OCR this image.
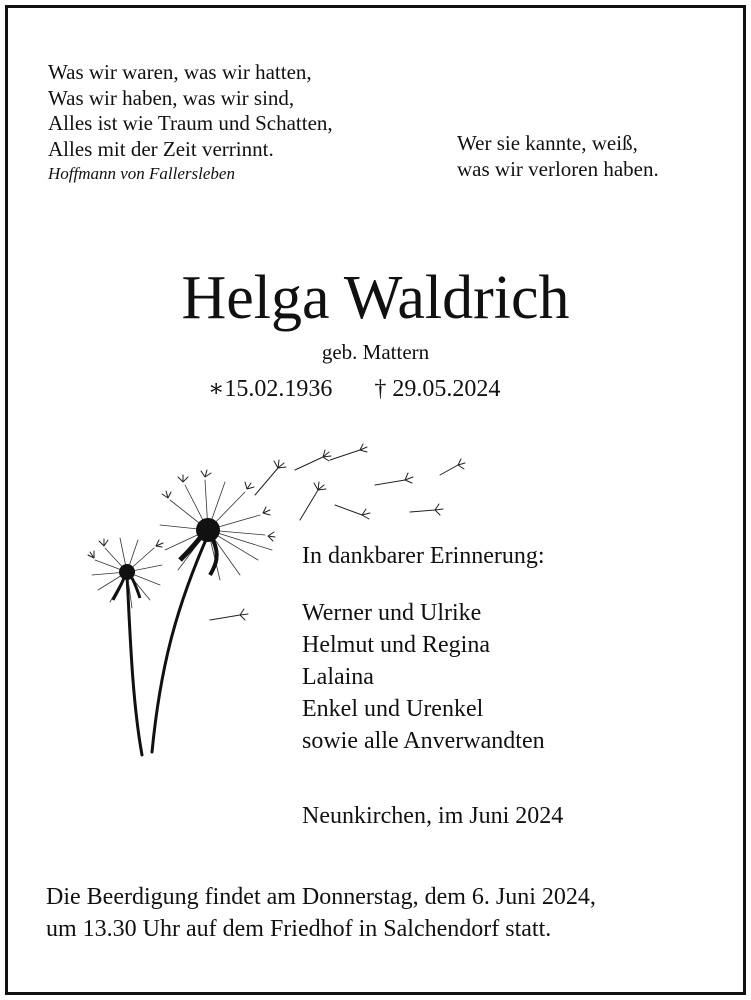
Was wir waren, was wir hatten,
Was wir haben, was wir sind,
Alles ist wie Traum und Schatten,
Alles mit der Zeit verrinnt.
Hoffmann von Fallersleben
Wer sie kannte, weiß,
was wir verloren haben.
Helga Waldrich
geb. Mattern
∗15.02.1936 † 29.05.2024
In dankbarer Erinnerung:
Werner und Ulrike
Helmut und Regina
Lalaina
Enkel und Urenkel
sowie alle Anverwandten
Neunkirchen, im Juni 2024
Die Beerdigung findet am Donnerstag, dem 6. Juni 2024,
um 13.30 Uhr auf dem Friedhof in Salchendorf statt.
